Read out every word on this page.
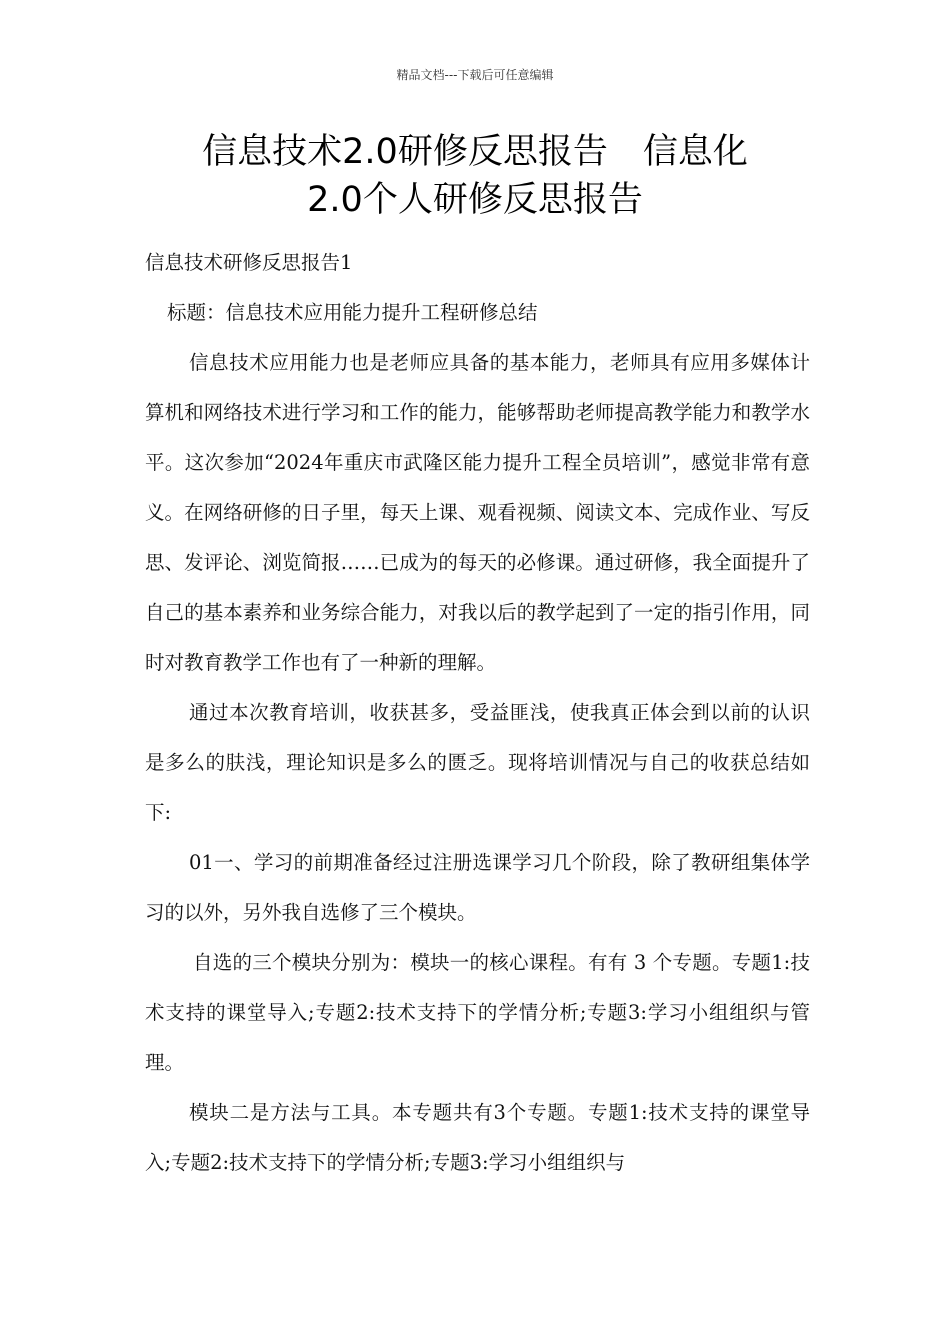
精品文档---下载后可任意编辑
信息技术2.0研修反思报告　信息化
2.0个人研修反思报告

信息技术研修反思报告1

标题：信息技术应用能力提升工程研修总结

信息技术应用能力也是老师应具备的基本能力，老师具有应用多媒体计算机和网络技术进行学习和工作的能力，能够帮助老师提高教学能力和教学水平。这次参加“2024年重庆市武隆区能力提升工程全员培训”，感觉非常有意义。在网络研修的日子里，每天上课、观看视频、阅读文本、完成作业、写反思、发评论、浏览简报……已成为的每天的必修课。通过研修，我全面提升了自己的基本素养和业务综合能力，对我以后的教学起到了一定的指引作用，同时对教育教学工作也有了一种新的理解。

通过本次教育培训，收获甚多，受益匪浅，使我真正体会到以前的认识是多么的肤浅，理论知识是多么的匮乏。现将培训情况与自己的收获总结如下:

01一、学习的前期准备经过注册选课学习几个阶段，除了教研组集体学习的以外，另外我自选修了三个模块。

自选的三个模块分别为：模块一的核心课程。有有 3 个专题。专题1:技术支持的课堂导入;专题2:技术支持下的学情分析;专题3:学习小组组织与管理。

模块二是方法与工具。本专题共有3个专题。专题1:技术支持的课堂导入;专题2:技术支持下的学情分析;专题3:学习小组组织与
